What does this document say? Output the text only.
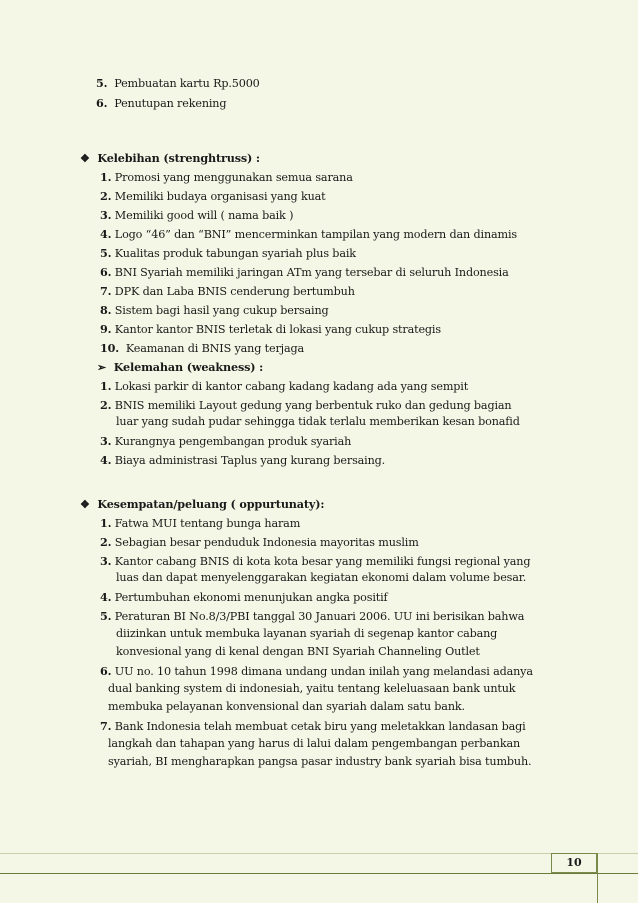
5. Pembuatan kartu Rp.5000
6. Penutupan rekening
❖ Kelebihan (strenghtruss) :
1. Promosi yang menggunakan semua sarana
2. Memiliki budaya organisasi yang kuat
3. Memiliki good will ( nama baik )
4. Logo “46” dan “BNI” mencerminkan tampilan yang modern dan dinamis
5. Kualitas produk tabungan syariah plus baik
6. BNI Syariah memiliki jaringan ATm yang tersebar di seluruh Indonesia
7. DPK dan Laba BNIS cenderung bertumbuh
8. Sistem bagi hasil yang cukup bersaing
9. Kantor kantor BNIS terletak di lokasi yang cukup strategis
10. Keamanan di BNIS yang terjaga
➢ Kelemahan (weakness) :
1. Lokasi parkir di kantor cabang kadang kadang ada yang sempit
2. BNIS memiliki Layout gedung yang berbentuk ruko dan gedung bagian
luar yang sudah pudar sehingga tidak terlalu memberikan kesan bonafid
3. Kurangnya pengembangan produk syariah
4. Biaya administrasi Taplus yang kurang bersaing.
❖ Kesempatan/peluang ( oppurtunaty):
1. Fatwa MUI tentang bunga haram
2. Sebagian besar penduduk Indonesia mayoritas muslim
3. Kantor cabang BNIS di kota kota besar yang memiliki fungsi regional yang
luas dan dapat menyelenggarakan kegiatan ekonomi dalam volume besar.
4. Pertumbuhan ekonomi menunjukan angka positif
5. Peraturan BI No.8/3/PBI tanggal 30 Januari 2006. UU ini berisikan bahwa
diizinkan untuk membuka layanan syariah di segenap kantor cabang
konvesional yang di kenal dengan BNI Syariah Channeling Outlet
6. UU no. 10 tahun 1998 dimana undang undan inilah yang melandasi adanya
dual banking system di indonesiah, yaitu tentang keleluasaan bank untuk
membuka pelayanan konvensional dan syariah dalam satu bank.
7. Bank Indonesia telah membuat cetak biru yang meletakkan landasan bagi
langkah dan tahapan yang harus di lalui dalam pengembangan perbankan
syariah, BI mengharapkan pangsa pasar industry bank syariah bisa tumbuh.
10
